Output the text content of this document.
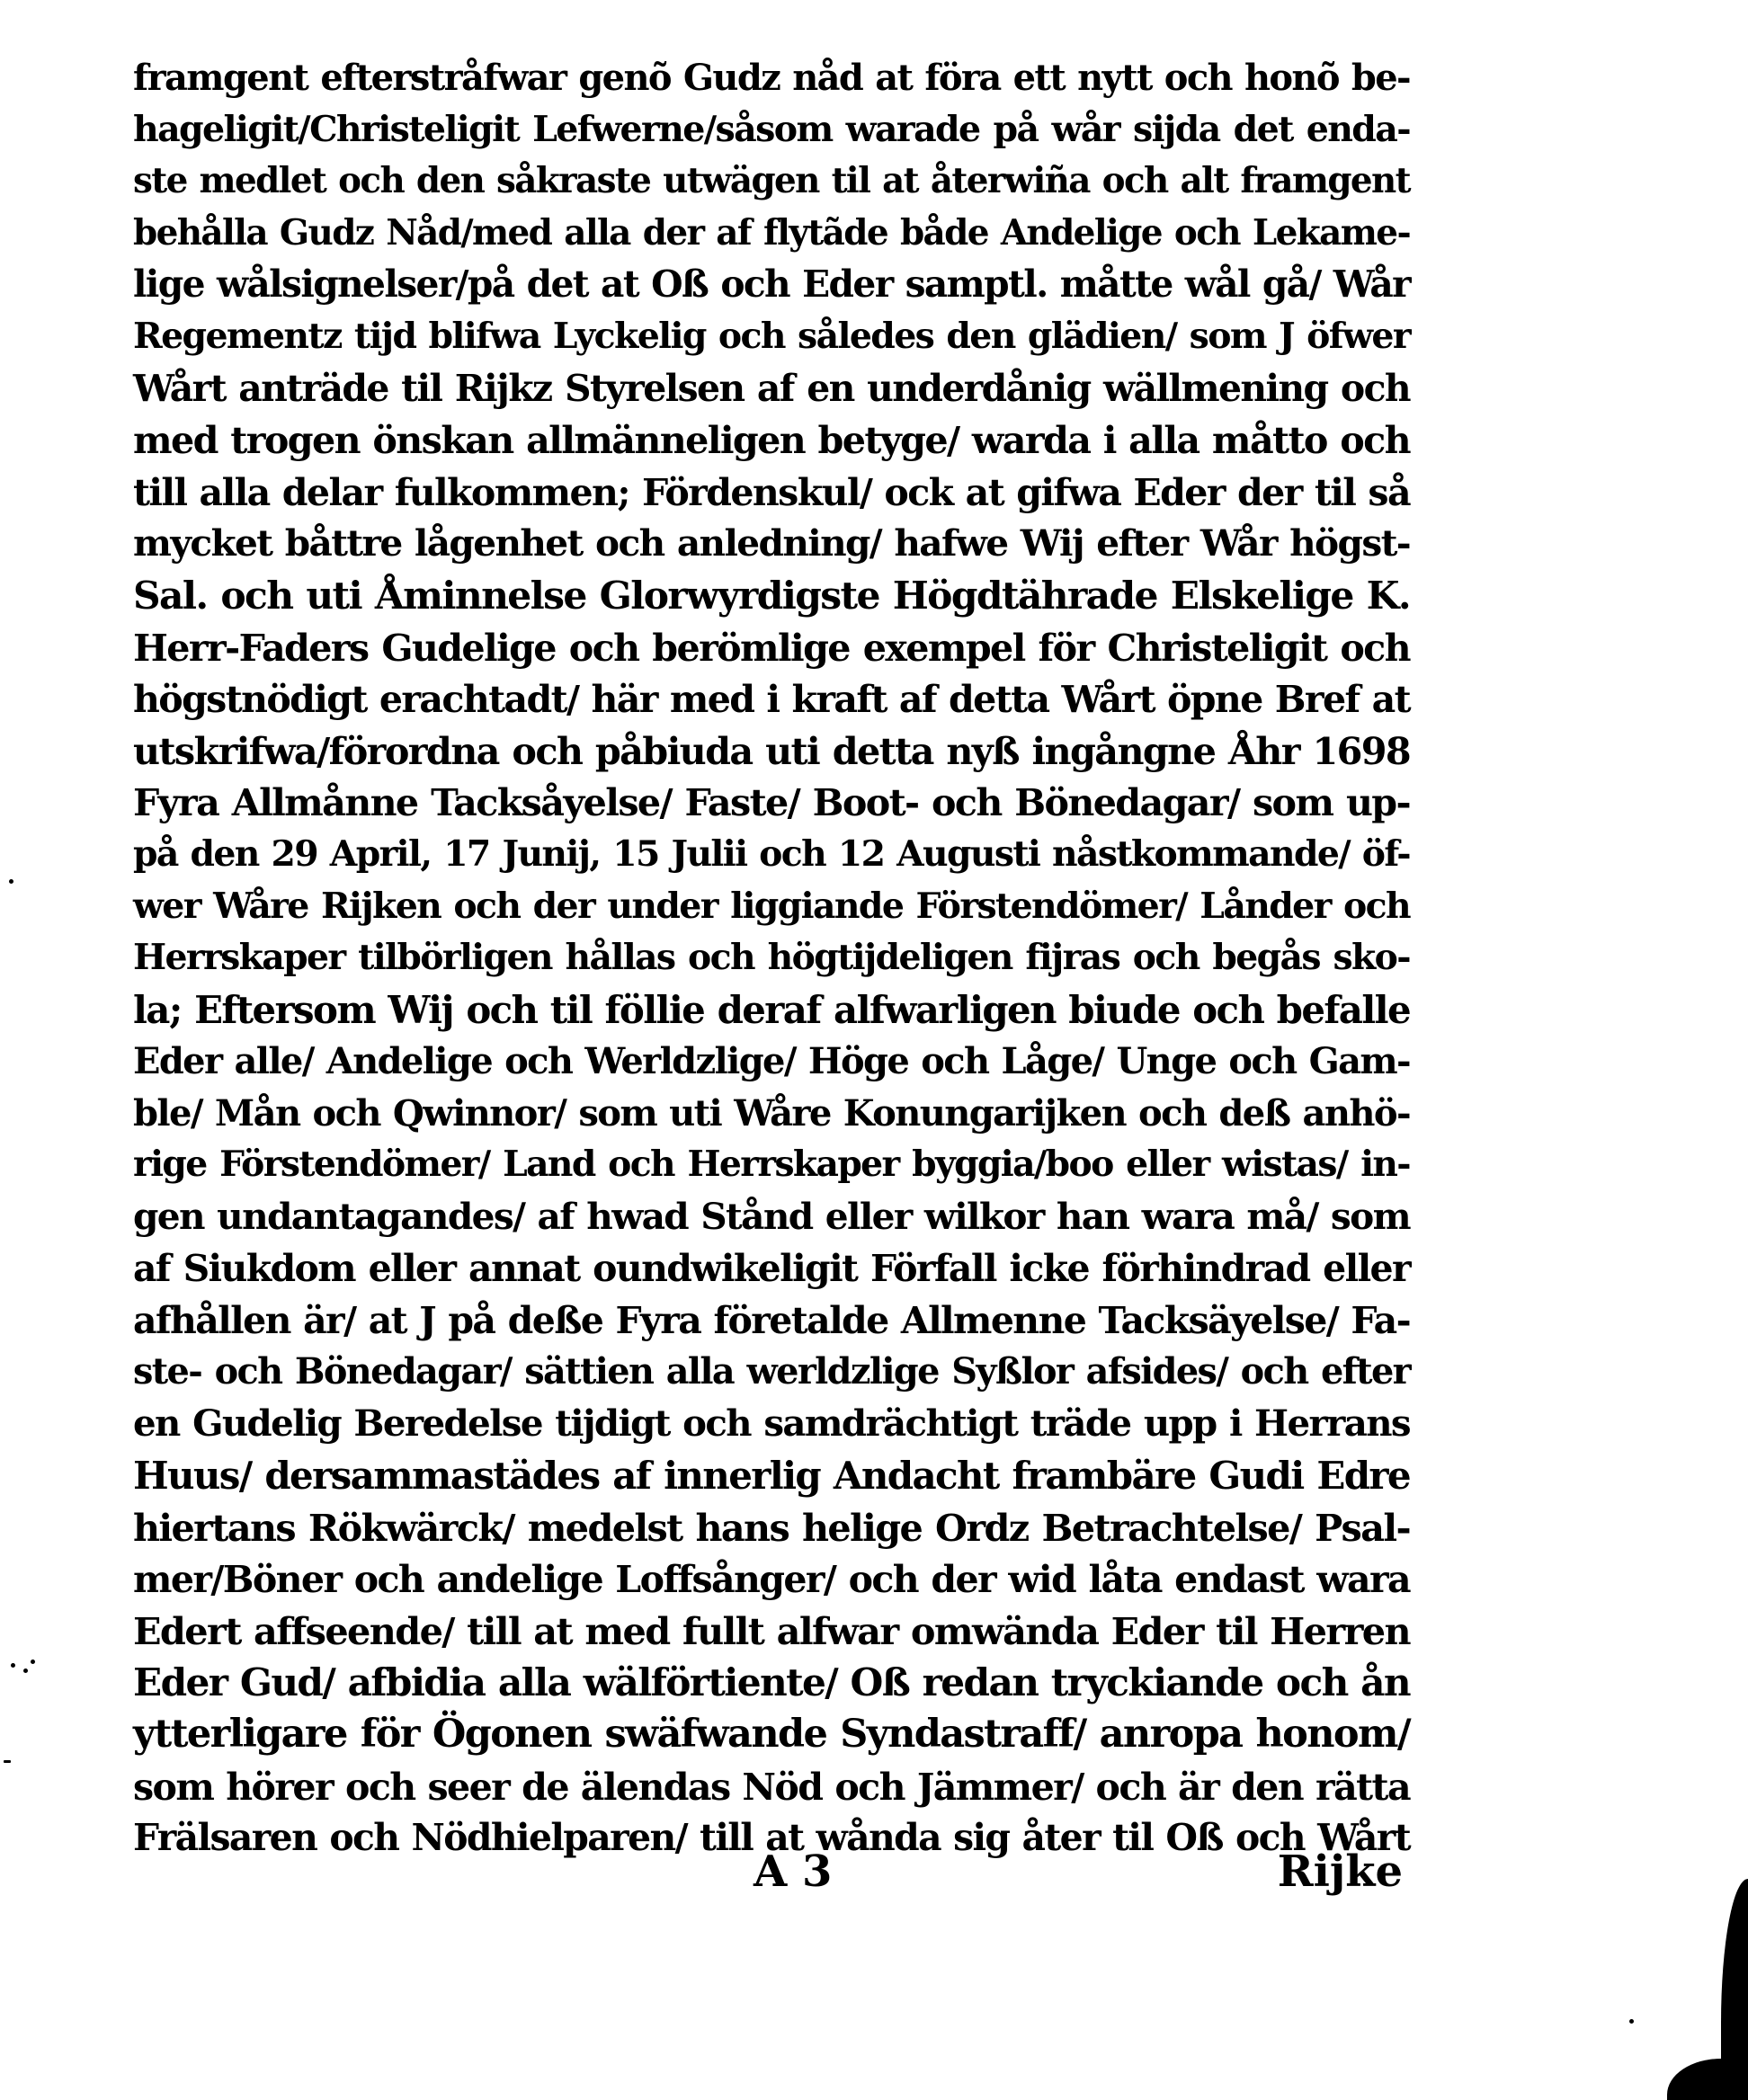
framgent efterstråfwar genõ Gudz nåd at föra ett nytt och honõ be-
hageligit/Christeligit Lefwerne/såsom warade på wår sijda det enda-
ste medlet och den såkraste utwägen til at återwiña och alt framgent
behålla Gudz Nåd/med alla der af flytãde både Andelige och Lekame-
lige wålsignelser/på det at Oß och Eder samptl. måtte wål gå/ Wår
Regementz tijd blifwa Lyckelig och således den glädien/ som J öfwer
Wårt anträde til Rijkz Styrelsen af en underdånig wällmening och
med trogen önskan allmänneligen betyge/ warda i alla måtto och
till alla delar fulkommen; Fördenskul/ ock at gifwa Eder der til så
mycket båttre lågenhet och anledning/ hafwe Wij efter Wår högst-
Sal. och uti Åminnelse Glorwyrdigste Högdtährade Elskelige K.
Herr-Faders Gudelige och berömlige exempel för Christeligit och
högstnödigt erachtadt/ här med i kraft af detta Wårt öpne Bref at
utskrifwa/förordna och påbiuda uti detta nyß ingångne Åhr 1698
Fyra Allmånne Tacksåyelse/ Faste/ Boot- och Bönedagar/ som up-
på den 29 April, 17 Junij, 15 Julii och 12 Augusti nåstkommande/ öf-
wer Wåre Rijken och der under liggiande Förstendömer/ Lånder och
Herrskaper tilbörligen hållas och högtijdeligen fijras och begås sko-
la; Eftersom Wij och til föllie deraf alfwarligen biude och befalle
Eder alle/ Andelige och Werldzlige/ Höge och Låge/ Unge och Gam-
ble/ Mån och Qwinnor/ som uti Wåre Konungarijken och deß anhö-
rige Förstendömer/ Land och Herrskaper byggia/boo eller wistas/ in-
gen undantagandes/ af hwad Stånd eller wilkor han wara må/ som
af Siukdom eller annat oundwikeligit Förfall icke förhindrad eller
afhållen är/ at J på deße Fyra företalde Allmenne Tacksäyelse/ Fa-
ste- och Bönedagar/ sättien alla werldzlige Syßlor afsides/ och efter
en Gudelig Beredelse tijdigt och samdrächtigt träde upp i Herrans
Huus/ dersammastädes af innerlig Andacht frambäre Gudi Edre
hiertans Rökwärck/ medelst hans helige Ordz Betrachtelse/ Psal-
mer/Böner och andelige Loffsånger/ och der wid låta endast wara
Edert affseende/ till at med fullt alfwar omwända Eder til Herren
Eder Gud/ afbidia alla wälförtiente/ Oß redan tryckiande och ån
ytterligare för Ögonen swäfwande Syndastraff/ anropa honom/
som hörer och seer de älendas Nöd och Jämmer/ och är den rätta
Frälsaren och Nödhielparen/ till at wånda sig åter til Oß och Wårt
A 3	Rijke
